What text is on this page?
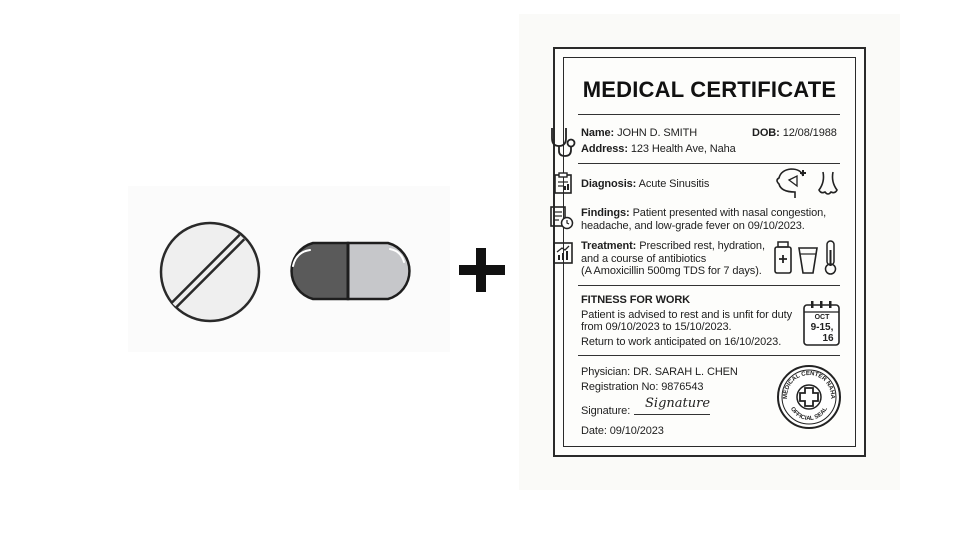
MEDICAL CERTIFICATE
Name: JOHN D. SMITH	DOB: 12/08/1988
Address: 123 Health Ave, Naha
Diagnosis: Acute Sinusitis
Findings: Patient presented with nasal congestion,
headache, and low-grade fever on 09/10/2023.
Treatment: Prescribed rest, hydration,
and a course of antibiotics
(A Amoxicillin 500mg TDS for 7 days).
FITNESS FOR WORK
Patient is advised to rest and is unfit for duty
from 09/10/2023 to 15/10/2023.
Return to work anticipated on 16/10/2023.
OCT
9-15,
16
Physician: DR. SARAH L. CHEN
Registration No: 9876543
Signature: Signature
Date: 09/10/2023
MEDICAL CENTER NAHA
OFFICIAL SEAL
